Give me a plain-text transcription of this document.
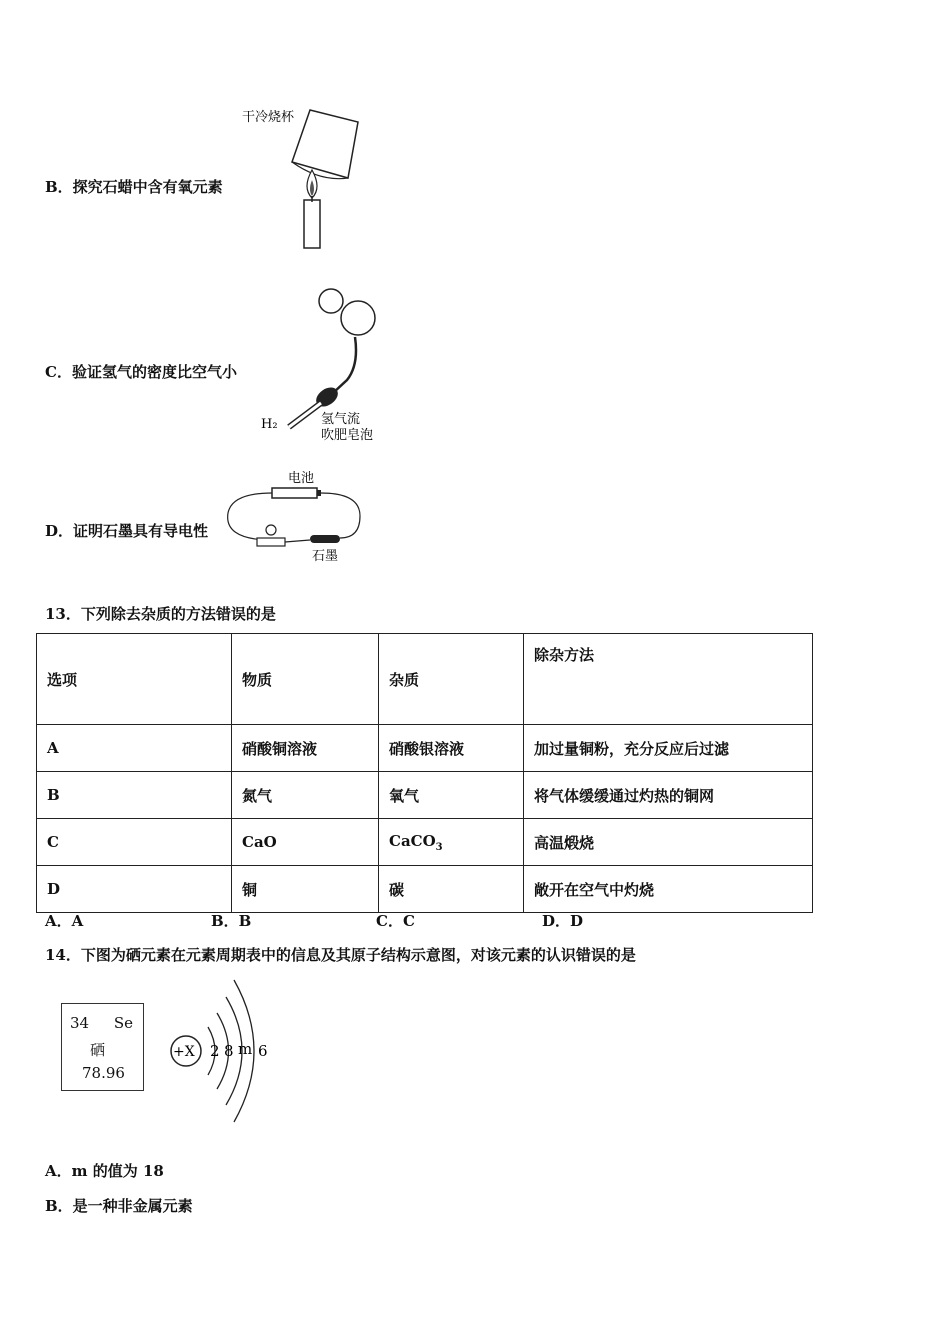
B．探究石蜡中含有氧元素
干冷烧杯
C．验证氢气的密度比空气小
H₂	氢气流
吹肥皂泡
D．证明石墨具有导电性
电池
石墨
13．下列除去杂质的方法错误的是
选项	物质	杂质	除杂方法
A	硝酸铜溶液	硝酸银溶液	加过量铜粉，充分反应后过滤
B	氮气	氧气	将气体缓缓通过灼热的铜网
C	CaO	CaCO$_3$	高温煅烧
D	铜	碳	敞开在空气中灼烧
A．A	B．B	C．C	D．D
14．下图为硒元素在元素周期表中的信息及其原子结构示意图，对该元素的认识错误的是
34 Se
硒
78.96
+X 2 8 m 6
A．m 的值为 18
B．是一种非金属元素
